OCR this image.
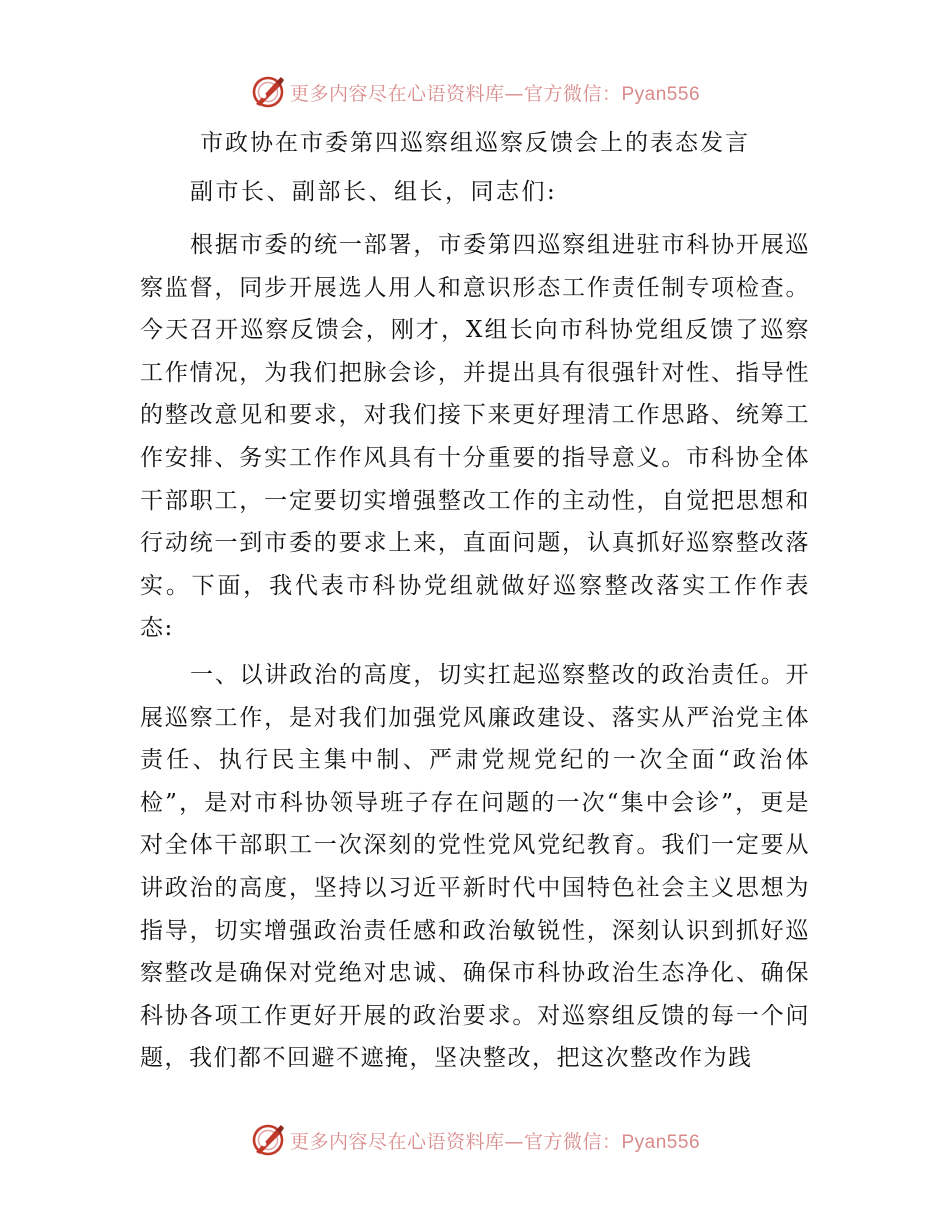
更多内容尽在心语资料库—官方微信：Pyan556
市政协在市委第四巡察组巡察反馈会上的表态发言

副市长、副部长、组长，同志们:

根据市委的统一部署，市委第四巡察组进驻市科协开展巡察监督，同步开展选人用人和意识形态工作责任制专项检查。今天召开巡察反馈会，刚才，X组长向市科协党组反馈了巡察工作情况，为我们把脉会诊，并提出具有很强针对性、指导性的整改意见和要求，对我们接下来更好理清工作思路、统筹工作安排、务实工作作风具有十分重要的指导意义。市科协全体干部职工，一定要切实增强整改工作的主动性，自觉把思想和行动统一到市委的要求上来，直面问题，认真抓好巡察整改落实。下面，我代表市科协党组就做好巡察整改落实工作作表态:

一、以讲政治的高度，切实扛起巡察整改的政治责任。开展巡察工作，是对我们加强党风廉政建设、落实从严治党主体责任、执行民主集中制、严肃党规党纪的一次全面“政治体检”，是对市科协领导班子存在问题的一次“集中会诊”，更是对全体干部职工一次深刻的党性党风党纪教育。我们一定要从讲政治的高度，坚持以习近平新时代中国特色社会主义思想为指导，切实增强政治责任感和政治敏锐性，深刻认识到抓好巡察整改是确保对党绝对忠诚、确保市科协政治生态净化、确保科协各项工作更好开展的政治要求。对巡察组反馈的每一个问题，我们都不回避不遮掩，坚决整改，把这次整改作为践

更多内容尽在心语资料库—官方微信：Pyan556
